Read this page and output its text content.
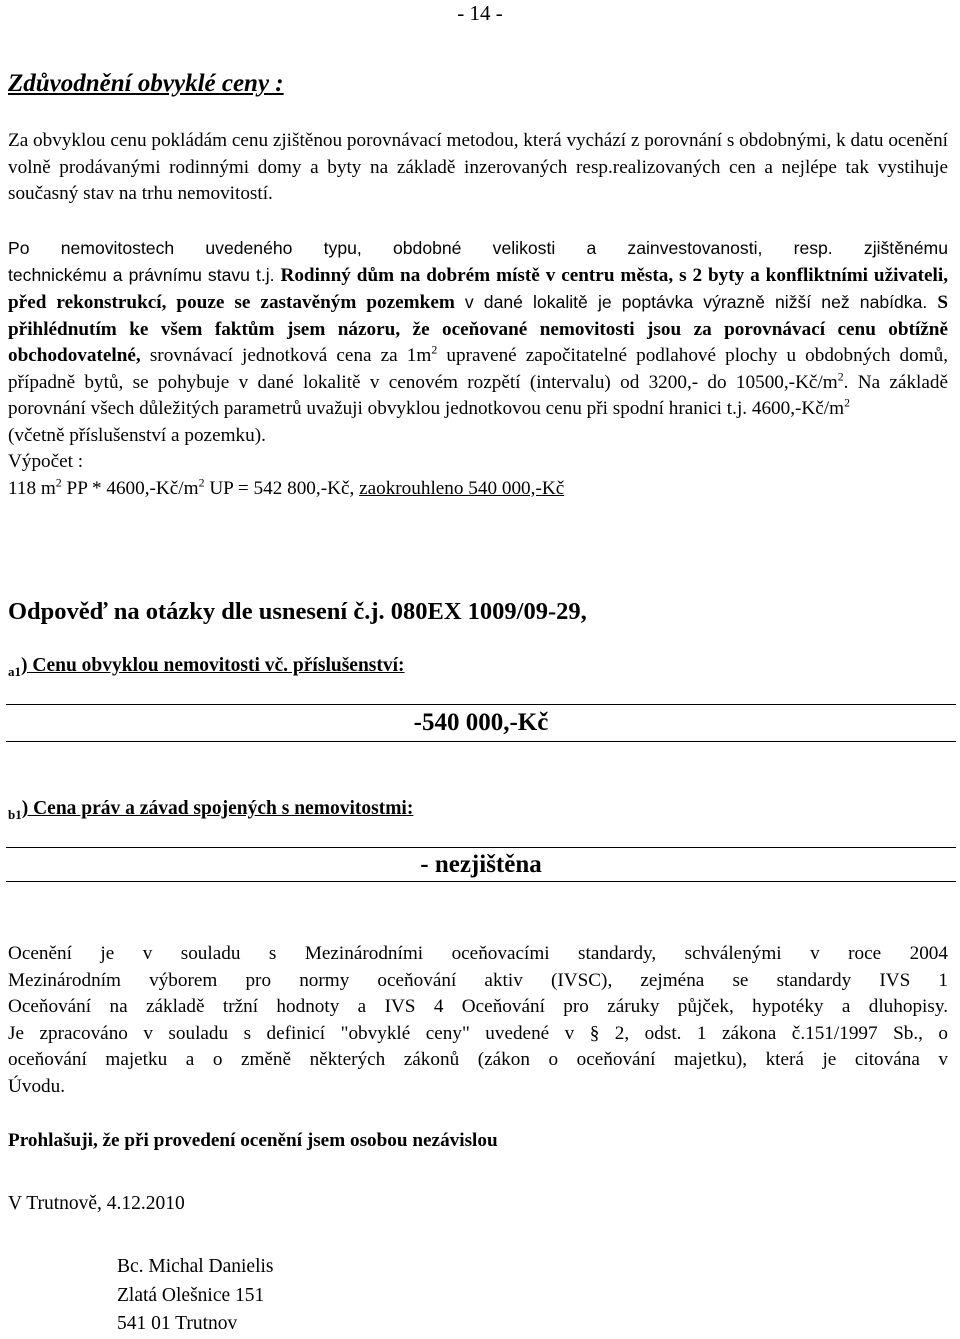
- 14 -
Zdůvodnění obvyklé ceny :
Za obvyklou cenu pokládám cenu zjištěnou porovnávací metodou, která vychází z porovnání s obdobnými, k datu ocenění volně prodávanými rodinnými domy a byty na základě inzerovaných resp.realizovaných cen a nejlépe tak vystihuje současný stav na trhu nemovitostí.
Po nemovitostech uvedeného typu, obdobné velikosti a zainvestovanosti, resp. zjištěnému
technickému a právnímu stavu t.j. Rodinný dům na dobrém místě v centru města, s 2 byty a konfliktními uživateli, před rekonstrukcí, pouze se zastavěným pozemkem v dané lokalitě je poptávka výrazně nižší než nabídka. S přihlédnutím ke všem faktům jsem názoru, že oceňované nemovitosti jsou za porovnávací cenu obtížně obchodovatelné, srovnávací jednotková cena za $1m^2$ upravené započitatelné podlahové plochy u obdobných domů, případně bytů, se pohybuje v dané lokalitě v cenovém rozpětí (intervalu) od 3200,- do $10500,-Kč/m^2$. Na základě porovnání všech důležitých parametrů uvažuji obvyklou jednotkovou cenu při spodní hranici t.j. $4600,-Kč/m^2$
(včetně příslušenství a pozemku).
Výpočet :
118 $m^2$ PP * $4600,-Kč/m^2$ UP = 542 800,-Kč, zaokrouhleno 540 000,-Kč
Odpověď na otázky dle usnesení č.j. 080EX 1009/09-29,
$_{a1}$) Cenu obvyklou nemovitosti vč. příslušenství:
-540 000,-Kč
$_{b1}$) Cena práv a závad spojených s nemovitostmi:
- nezjištěna
Ocenění je v souladu s Mezinárodními oceňovacími standardy, schválenými v roce 2004
Mezinárodním výborem pro normy oceňování aktiv (IVSC), zejména se standardy IVS 1
Oceňování na základě tržní hodnoty a IVS 4 Oceňování pro záruky půjček, hypotéky a dluhopisy.
Je zpracováno v souladu s definicí "obvyklé ceny" uvedené v § 2, odst. 1 zákona č.151/1997 Sb., o
oceňování majetku a o změně některých zákonů (zákon o oceňování majetku), která je citována v
Úvodu.
Prohlašuji, že při provedení ocenění jsem osobou nezávislou
V Trutnově, 4.12.2010
Bc. Michal Danielis
Zlatá Olešnice 151
541 01 Trutnov
